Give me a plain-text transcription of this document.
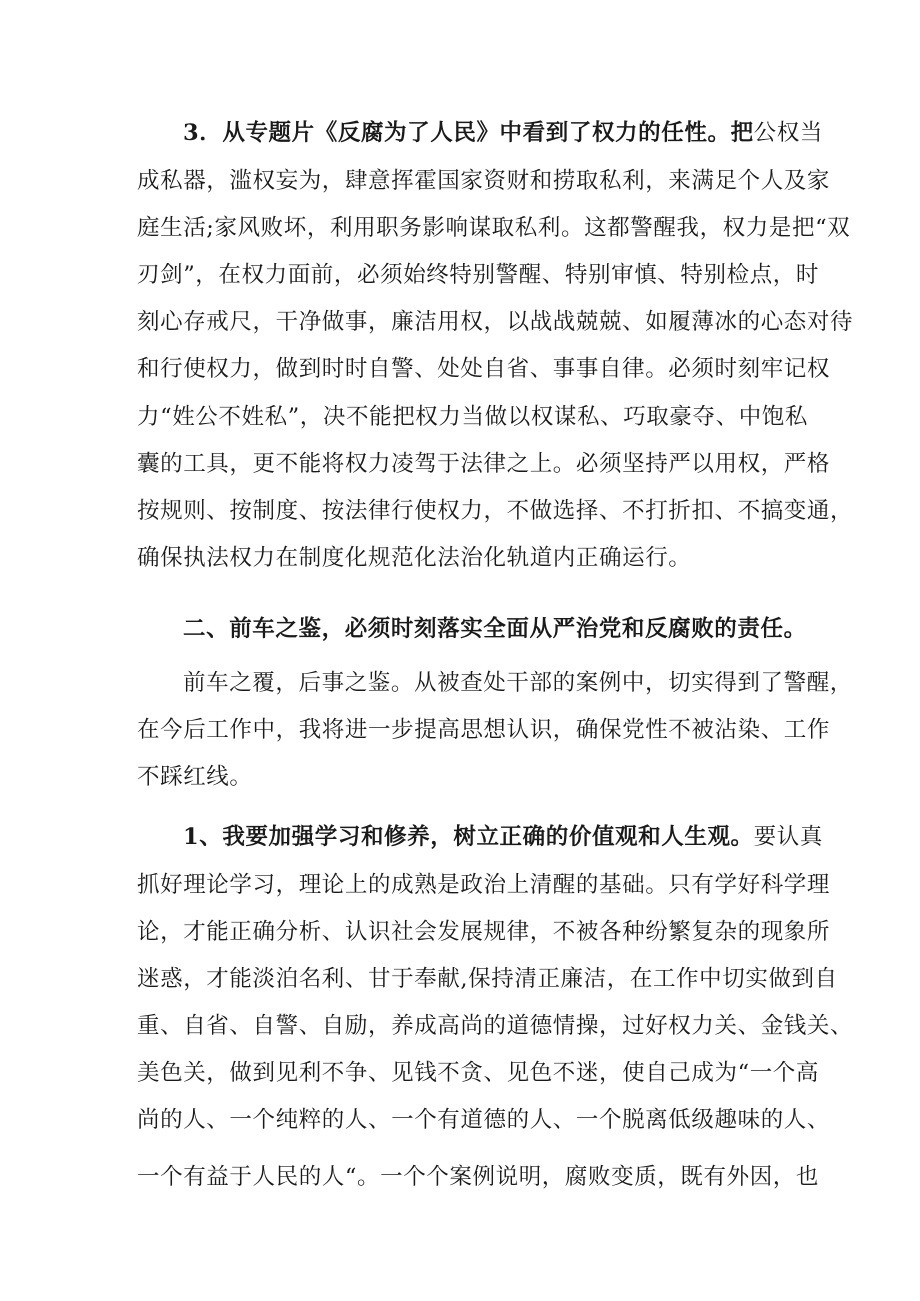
3．从专题片《反腐为了人民》中看到了权力的任性。把公权当
成私器，滥权妄为，肆意挥霍国家资财和捞取私利，来满足个人及家
庭生活;家风败坏，利用职务影响谋取私利。这都警醒我，权力是把“双
刃剑”，在权力面前，必须始终特别警醒、特别审慎、特别检点，时
刻心存戒尺，干净做事，廉洁用权，以战战兢兢、如履薄冰的心态对待
和行使权力，做到时时自警、处处自省、事事自律。必须时刻牢记权
力“姓公不姓私”，决不能把权力当做以权谋私、巧取豪夺、中饱私
囊的工具，更不能将权力凌驾于法律之上。必须坚持严以用权，严格
按规则、按制度、按法律行使权力，不做选择、不打折扣、不搞变通，
确保执法权力在制度化规范化法治化轨道内正确运行。
二、前车之鉴，必须时刻落实全面从严治党和反腐败的责任。
前车之覆，后事之鉴。从被查处干部的案例中，切实得到了警醒，
在今后工作中，我将进一步提高思想认识，确保党性不被沾染、工作
不踩红线。
1、我要加强学习和修养，树立正确的价值观和人生观。要认真
抓好理论学习，理论上的成熟是政治上清醒的基础。只有学好科学理
论，才能正确分析、认识社会发展规律，不被各种纷繁复杂的现象所
迷惑，才能淡泊名利、甘于奉献,保持清正廉洁，在工作中切实做到自
重、自省、自警、自励，养成高尚的道德情操，过好权力关、金钱关、
美色关，做到见利不争、见钱不贪、见色不迷，使自己成为“一个高
尚的人、一个纯粹的人、一个有道德的人、一个脱离低级趣味的人、
一个有益于人民的人“。一个个案例说明，腐败变质，既有外因，也
